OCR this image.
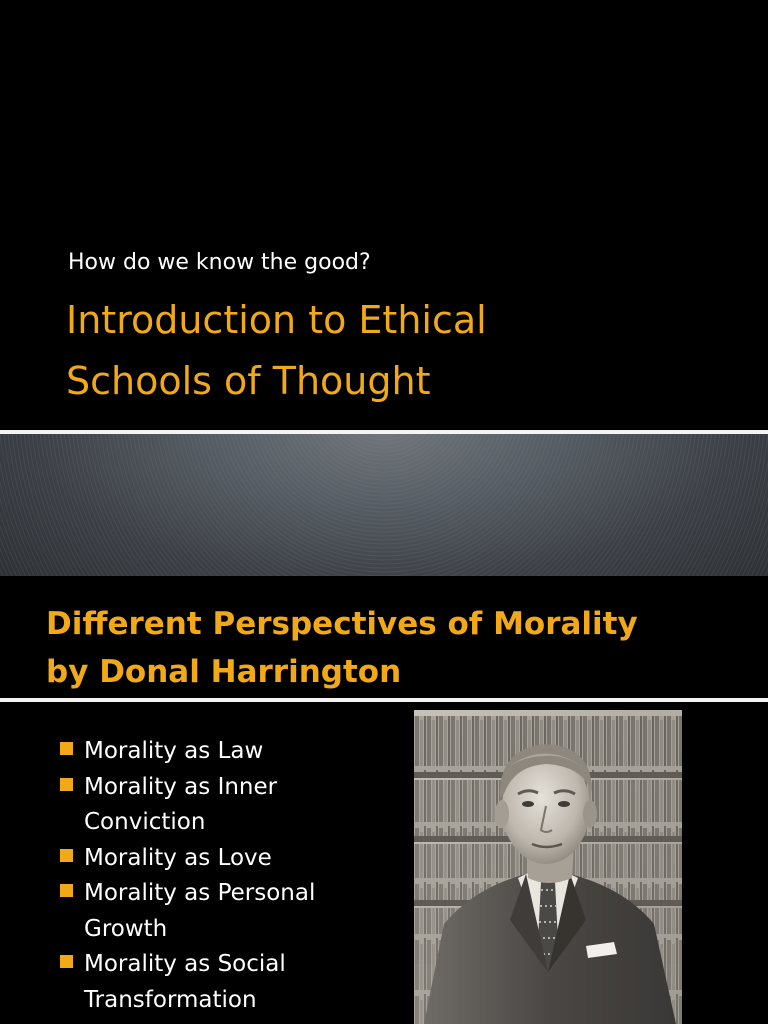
How do we know the good?
Introduction to Ethical
Schools of Thought
Different Perspectives of Morality
by Donal Harrington
Morality as Law
Morality as Inner
Conviction
Morality as Love
Morality as Personal
Growth
Morality as Social
Transformation
